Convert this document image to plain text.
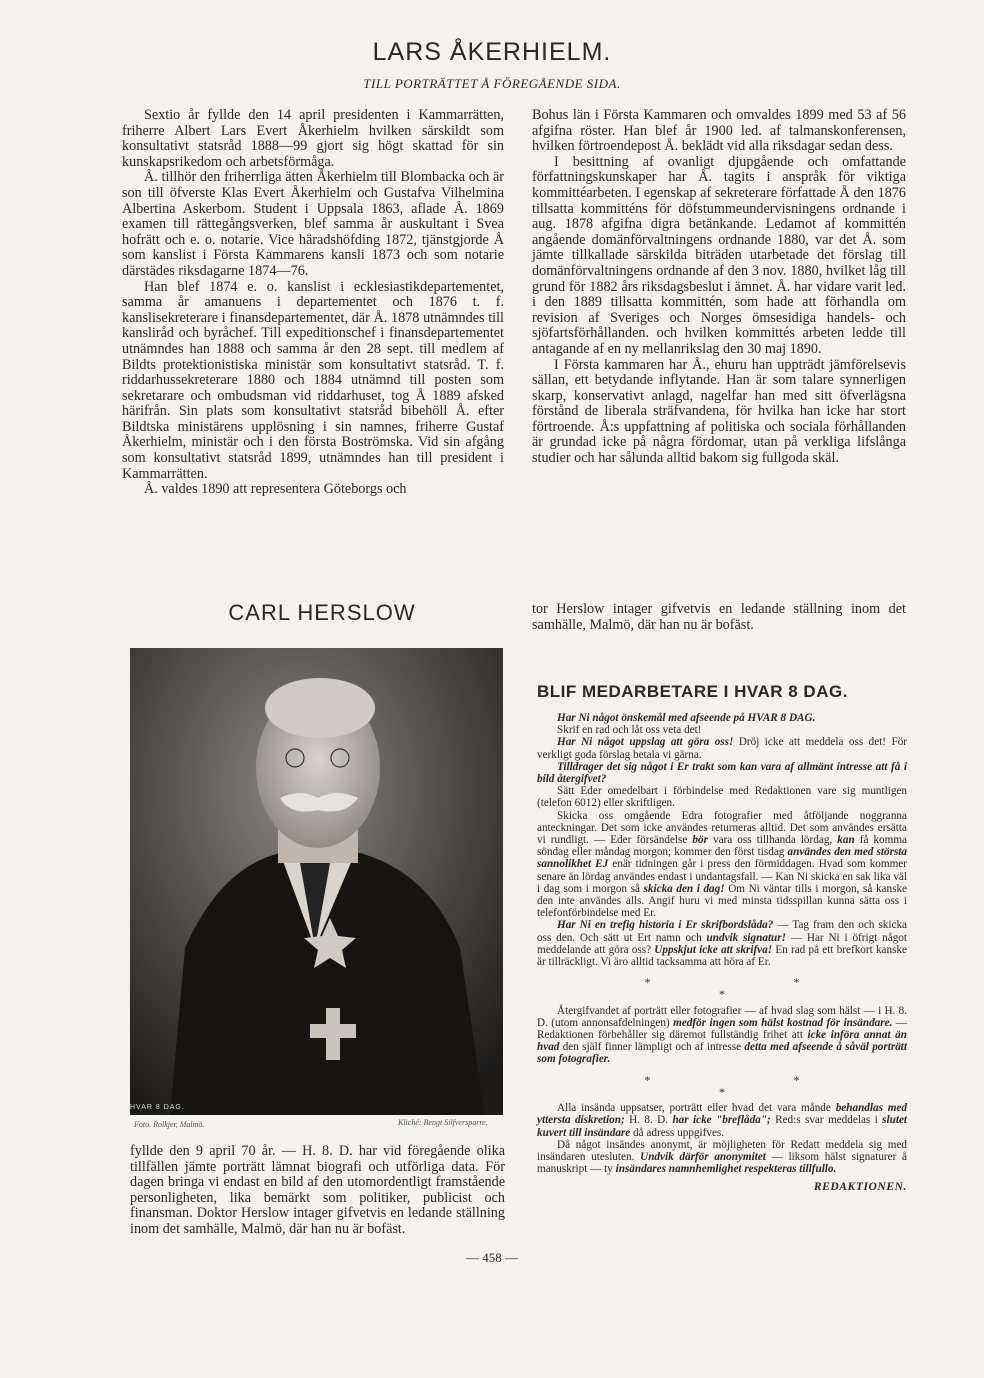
LARS ÅKERHIELM.
TILL PORTRÄTTET Å FÖREGÅENDE SIDA.

Sextio år fyllde den 14 april presidenten i Kammarrätten, friherre Albert Lars Evert Åkerhielm hvilken särskildt som konsultativt statsråd 1888—99 gjort sig högt skattad för sin kunskapsrikedom och arbetsförmåga.

Å. tillhör den friherrliga ätten Åkerhielm till Blombacka och är son till öfverste Klas Evert Åkerhielm och Gustafva Vilhelmina Albertina Askerbom. Student i Uppsala 1863, aflade Å. 1869 examen till rättegångsverken, blef samma år auskultant i Svea hofrätt och e. o. notarie. Vice häradshöfding 1872, tjänstgjorde Å som kanslist i Första Kammarens kansli 1873 och som notarie därstädes riksdagarne 1874—76.

Han blef 1874 e. o. kanslist i ecklesiastikdepartementet, samma år amanuens i departementet och 1876 t. f. kanslisekreterare i finansdepartementet, där Å. 1878 utnämndes till kansliråd och byråchef. Till expeditionschef i finansdepartementet utnämndes han 1888 och samma år den 28 sept. till medlem af Bildts protektionistiska ministär som konsultativt statsråd. T. f. riddarhussekreterare 1880 och 1884 utnämnd till posten som sekretarare och ombudsman vid riddarhuset, tog Å 1889 afsked härifrån. Sin plats som konsultativt statsråd bibehöll Å. efter Bildtska ministärens upplösning i sin namnes, friherre Gustaf Åkerhielm, ministär och i den första Boströmska. Vid sin afgång som konsultativt statsråd 1899, utnämndes han till president i Kammarrätten.

Å. valdes 1890 att representera Göteborgs och

Bohus län i Första Kammaren och omvaldes 1899 med 53 af 56 afgifna röster. Han blef år 1900 led. af talmanskonferensen, hvilken förtroendepost Å. beklädt vid alla riksdagar sedan dess.

I besittning af ovanligt djupgående och omfattande författningskunskaper har Å. tagits i anspråk för viktiga kommittéarbeten. I egenskap af sekreterare författade Å den 1876 tillsatta kommitténs för döfstummeundervisningens ordnande i aug. 1878 afgifna digra betänkande. Ledamot af kommittén angående domänförvaltningens ordnande 1880, var det Å. som jämte tillkallade särskilda biträden utarbetade det förslag till domänförvaltningens ordnande af den 3 nov. 1880, hvilket låg till grund för 1882 års riksdagsbeslut i ämnet. Å. har vidare varit led. i den 1889 tillsatta kommittén, som hade att förhandla om revision af Sveriges och Norges ömsesidiga handels- och sjöfartsförhållanden. och hvilken kommittés arbeten ledde till antagande af en ny mellanrikslag den 30 maj 1890.

I Första kammaren har Å., ehuru han uppträdt jämförelsevis sällan, ett betydande inflytande. Han är som talare synnerligen skarp, konservativt anlagd, nagelfar han med sitt öfverlägsna förstånd de liberala sträfvandena, för hvilka han icke har stort förtroende. Å:s uppfattning af politiska och sociala förhållanden är grundad icke på några fördomar, utan på verkliga lifslånga studier och har sålunda alltid bakom sig fullgoda skäl.

CARL HERSLOW
HVAR 8 DAG.
Foto. Rolkjer, Malmö.	Kliché: Bengt Silfversparre.

fyllde den 9 april 70 år. — H. 8. D. har vid föregående olika tillfällen jämte porträtt lämnat biografi och utförliga data. För dagen bringa vi endast en bild af den utomordentligt framstående personligheten, lika bemärkt som politiker, publicist och finansman. Doktor Herslow intager gifvetvis en ledande ställning inom det samhälle, Malmö, där han nu är bofäst.

tor Herslow intager gifvetvis en ledande ställning inom det samhälle, Malmö, där han nu är bofäst.

BLIF MEDARBETARE I HVAR 8 DAG.

Har Ni något önskemål med afseende på HVAR 8 DAG.

Skrif en rad och låt oss veta det!

Har Ni något uppslag att göra oss! Dröj icke att meddela oss det! För verkligt goda förslag betala vi gärna.

Tilldrager det sig något i Er trakt som kan vara af allmänt intresse att få i bild återgifvet?

Sätt Eder omedelbart i förbindelse med Redaktionen vare sig muntligen (telefon 6012) eller skriftligen.

Skicka oss omgående Edra fotografier med åtföljande noggranna anteckningar. Det som icke användes returneras alltid. Det som användes ersätta vi rundligt. — Eder försändelse bör vara oss tillhanda lördag, kan få komma söndag eller måndag morgon; kommer den först tisdag användes den med största sannolikhet EJ enär tidningen går i press den förmiddagen. Hvad som kommer senare än lördag användes endast i undantagsfall. — Kan Ni skicka en sak lika väl i dag som i morgon så skicka den i dag! Om Ni väntar tills i morgon, så kanske den inte användes alls. Angif huru vi med minsta tidsspillan kunna sätta oss i telefonförbindelse med Er.

Har Ni en trefig historia i Er skrifbordslåda? — Tag fram den och skicka oss den. Och sätt ut Ert namn och undvik signatur! — Har Ni i öfrigt något meddelande att göra oss? Uppskjut icke att skrifva! En rad på ett brefkort kanske är tillräckligt. Vi äro alltid tacksamma att höra af Er.

* * *

Återgifvandet af porträtt eller fotografier — af hvad slag som hälst — i H. 8. D. (utom annonsafdelningen) medför ingen som hälst kostnad för insändare. — Redaktionen förbehåller sig däremot fullständig frihet att icke införa annat än hvad den själf finner lämpligt och af intresse detta med afseende å såväl porträtt som fotografier.

* * *

Alla insända uppsatser, porträtt eller hvad det vara månde behandlas med yttersta diskretion; H. 8. D. har icke "breflåda"; Red:s svar meddelas i slutet kuvert till insändare då adress uppgifves.

Då något insändes anonymt, är möjligheten för Redatt meddela sig med insändaren utesluten. Undvik därför anonymitet — liksom hälst signaturer å manuskript — ty insändares namnhemlighet respekteras tillfullo.

REDAKTIONEN.
— 458 —
